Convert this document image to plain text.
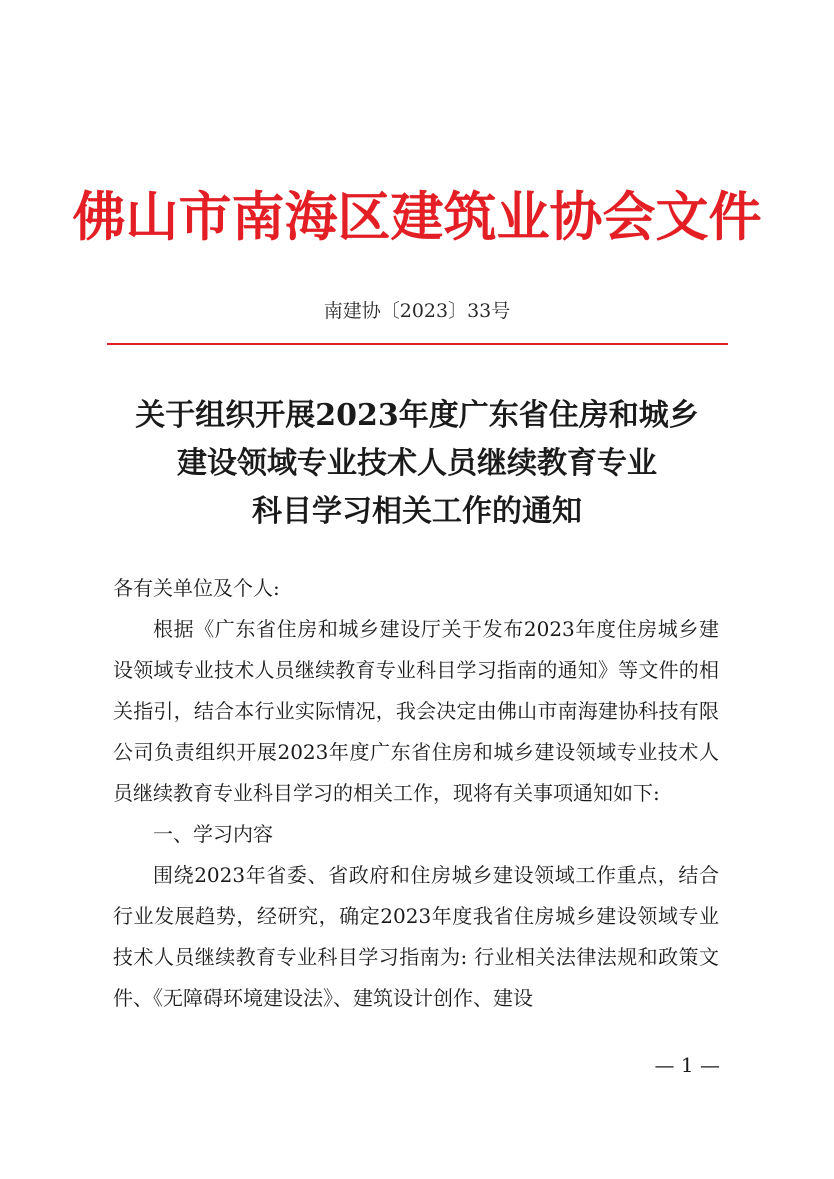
佛山市南海区建筑业协会文件
南建协〔2023〕33号
关于组织开展2023年度广东省住房和城乡
建设领域专业技术人员继续教育专业
科目学习相关工作的通知
各有关单位及个人:

根据《广东省住房和城乡建设厅关于发布2023年度住房城乡建设领域专业技术人员继续教育专业科目学习指南的通知》等文件的相关指引，结合本行业实际情况，我会决定由佛山市南海建协科技有限公司负责组织开展2023年度广东省住房和城乡建设领域专业技术人员继续教育专业科目学习的相关工作，现将有关事项通知如下:

一、学习内容

围绕2023年省委、省政府和住房城乡建设领域工作重点，结合行业发展趋势，经研究，确定2023年度我省住房城乡建设领域专业技术人员继续教育专业科目学习指南为: 行业相关法律法规和政策文件、《无障碍环境建设法》、建筑设计创作、建设

— 1 —
